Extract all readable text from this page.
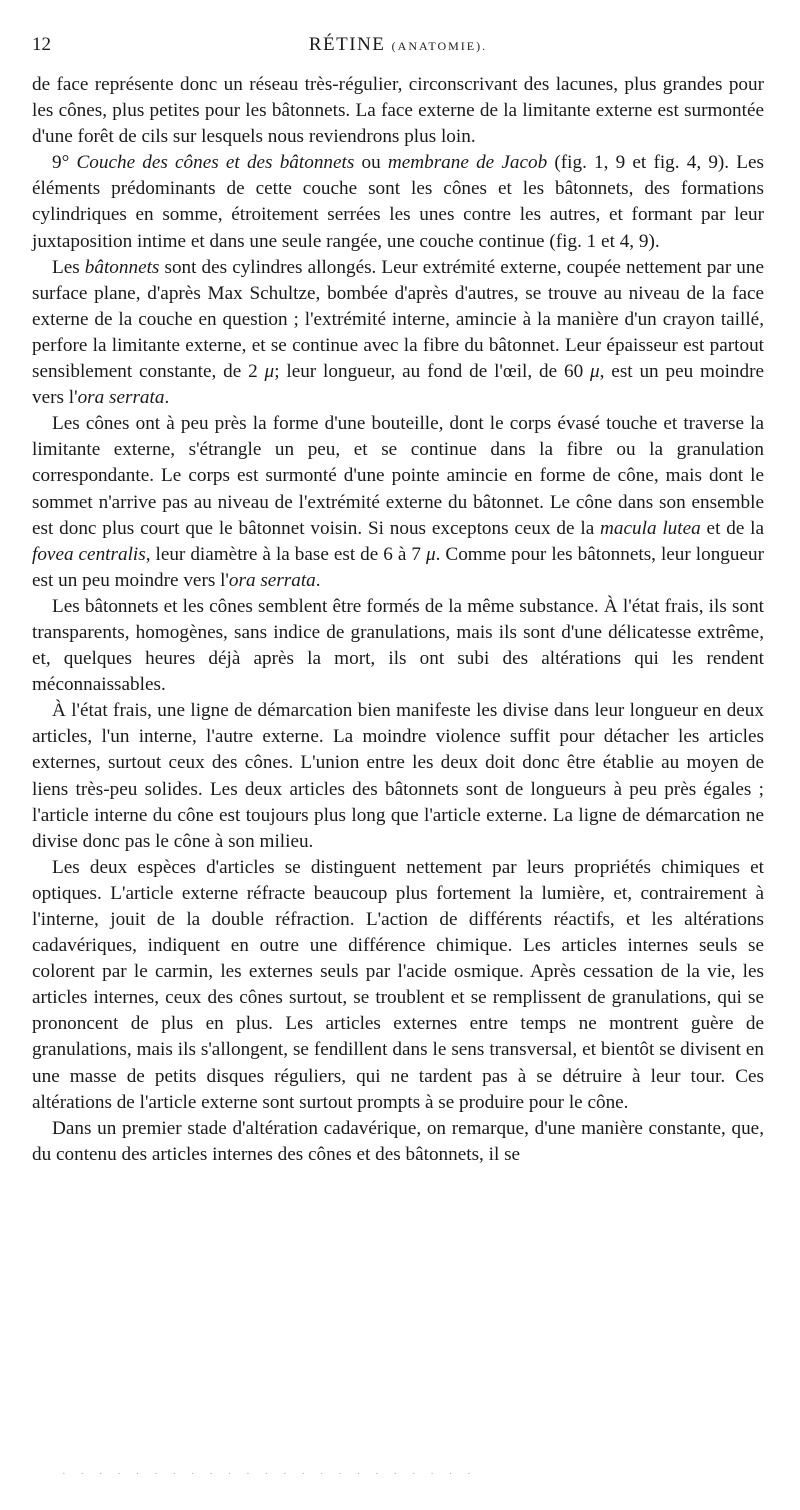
12	RÉTINE (ANATOMIE).

de face représente donc un réseau très-régulier, circonscrivant des lacunes, plus grandes pour les cônes, plus petites pour les bâtonnets. La face externe de la limitante externe est surmontée d'une forêt de cils sur lesquels nous reviendrons plus loin.

9° Couche des cônes et des bâtonnets ou membrane de Jacob (fig. 1, 9 et fig. 4, 9). Les éléments prédominants de cette couche sont les cônes et les bâtonnets, des formations cylindriques en somme, étroitement serrées les unes contre les autres, et formant par leur juxtaposition intime et dans une seule rangée, une couche continue (fig. 1 et 4, 9).

Les bâtonnets sont des cylindres allongés. Leur extrémité externe, coupée nettement par une surface plane, d'après Max Schultze, bombée d'après d'autres, se trouve au niveau de la face externe de la couche en question ; l'extrémité interne, amincie à la manière d'un crayon taillé, perfore la limitante externe, et se continue avec la fibre du bâtonnet. Leur épaisseur est partout sensiblement constante, de 2 μ; leur longueur, au fond de l'œil, de 60 μ, est un peu moindre vers l'ora serrata.

Les cônes ont à peu près la forme d'une bouteille, dont le corps évasé touche et traverse la limitante externe, s'étrangle un peu, et se continue dans la fibre ou la granulation correspondante. Le corps est surmonté d'une pointe amincie en forme de cône, mais dont le sommet n'arrive pas au niveau de l'extrémité externe du bâtonnet. Le cône dans son ensemble est donc plus court que le bâtonnet voisin. Si nous exceptons ceux de la macula lutea et de la fovea centralis, leur diamètre à la base est de 6 à 7 μ. Comme pour les bâtonnets, leur longueur est un peu moindre vers l'ora serrata.

Les bâtonnets et les cônes semblent être formés de la même substance. À l'état frais, ils sont transparents, homogènes, sans indice de granulations, mais ils sont d'une délicatesse extrême, et, quelques heures déjà après la mort, ils ont subi des altérations qui les rendent méconnaissables.

À l'état frais, une ligne de démarcation bien manifeste les divise dans leur longueur en deux articles, l'un interne, l'autre externe. La moindre violence suffit pour détacher les articles externes, surtout ceux des cônes. L'union entre les deux doit donc être établie au moyen de liens très-peu solides. Les deux articles des bâtonnets sont de longueurs à peu près égales ; l'article interne du cône est toujours plus long que l'article externe. La ligne de démarcation ne divise donc pas le cône à son milieu.

Les deux espèces d'articles se distinguent nettement par leurs propriétés chimiques et optiques. L'article externe réfracte beaucoup plus fortement la lumière, et, contrairement à l'interne, jouit de la double réfraction. L'action de différents réactifs, et les altérations cadavériques, indiquent en outre une différence chimique. Les articles internes seuls se colorent par le carmin, les externes seuls par l'acide osmique. Après cessation de la vie, les articles internes, ceux des cônes surtout, se troublent et se remplissent de granulations, qui se prononcent de plus en plus. Les articles externes entre temps ne montrent guère de granulations, mais ils s'allongent, se fendillent dans le sens transversal, et bientôt se divisent en une masse de petits disques réguliers, qui ne tardent pas à se détruire à leur tour. Ces altérations de l'article externe sont surtout prompts à se produire pour le cône.

Dans un premier stade d'altération cadavérique, on remarque, d'une manière constante, que, du contenu des articles internes des cônes et des bâtonnets, il se

· · · · · · · · · · · · · · · · · · · · · · ·
